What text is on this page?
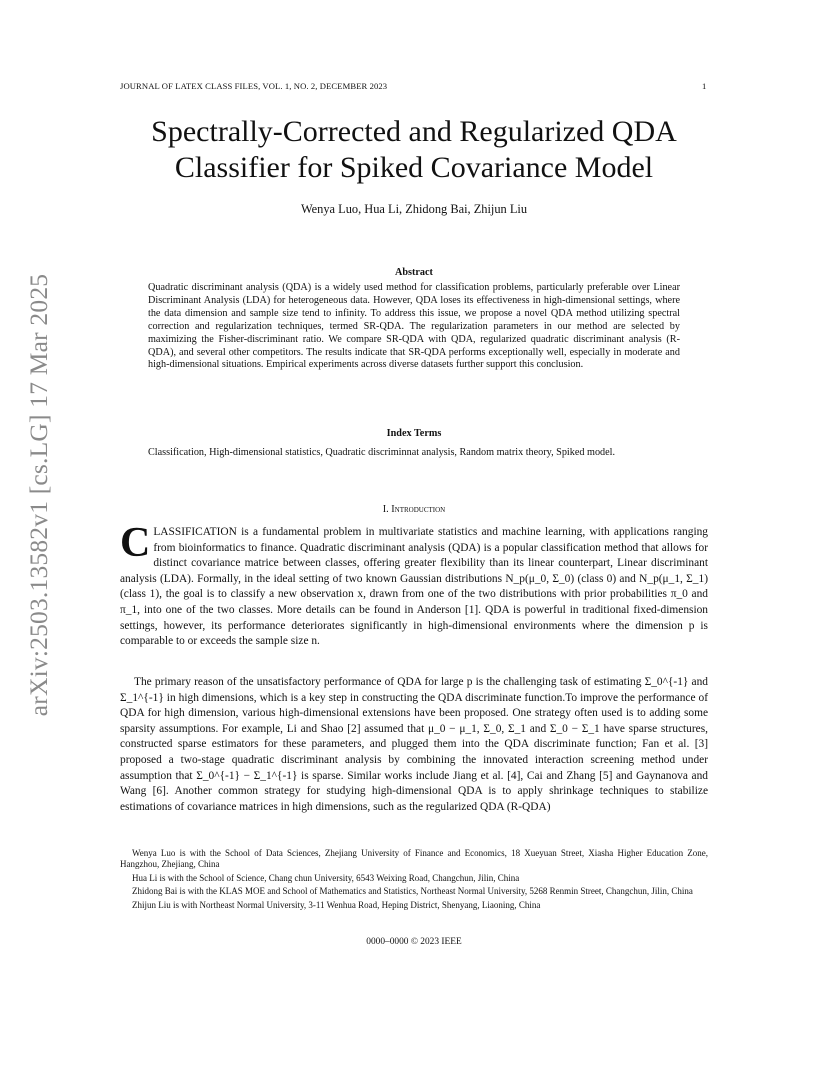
arXiv:2503.13582v1 [cs.LG] 17 Mar 2025
JOURNAL OF LATEX CLASS FILES, VOL. 1, NO. 2, DECEMBER 2023	1
Spectrally-Corrected and Regularized QDA
Classifier for Spiked Covariance Model
Wenya Luo, Hua Li, Zhidong Bai, Zhijun Liu
Abstract

Quadratic discriminant analysis (QDA) is a widely used method for classification problems, particularly preferable over Linear Discriminant Analysis (LDA) for heterogeneous data. However, QDA loses its effectiveness in high-dimensional settings, where the data dimension and sample size tend to infinity. To address this issue, we propose a novel QDA method utilizing spectral correction and regularization techniques, termed SR-QDA. The regularization parameters in our method are selected by maximizing the Fisher-discriminant ratio. We compare SR-QDA with QDA, regularized quadratic discriminant analysis (R-QDA), and several other competitors. The results indicate that SR-QDA performs exceptionally well, especially in moderate and high-dimensional situations. Empirical experiments across diverse datasets further support this conclusion.

Index Terms

Classification, High-dimensional statistics, Quadratic discriminnat analysis, Random matrix theory, Spiked model.

I. Introduction

C LASSIFICATION is a fundamental problem in multivariate statistics and machine learning, with applications ranging from bioinformatics to finance. Quadratic discriminant analysis (QDA) is a popular classification method that allows for distinct covariance matrice between classes, offering greater flexibility than its linear counterpart, Linear discriminant analysis (LDA). Formally, in the ideal setting of two known Gaussian distributions N_p(μ_0, Σ_0) (class 0) and N_p(μ_1, Σ_1) (class 1), the goal is to classify a new observation x, drawn from one of the two distributions with prior probabilities π_0 and π_1, into one of the two classes. More details can be found in Anderson [1]. QDA is powerful in traditional fixed-dimension settings, however, its performance deteriorates significantly in high-dimensional environments where the dimension p is comparable to or exceeds the sample size n.

The primary reason of the unsatisfactory performance of QDA for large p is the challenging task of estimating Σ_0^{-1} and Σ_1^{-1} in high dimensions, which is a key step in constructing the QDA discriminate function.To improve the performance of QDA for high dimension, various high-dimensional extensions have been proposed. One strategy often used is to adding some sparsity assumptions. For example, Li and Shao [2] assumed that μ_0 − μ_1, Σ_0, Σ_1 and Σ_0 − Σ_1 have sparse structures, constructed sparse estimators for these parameters, and plugged them into the QDA discriminate function; Fan et al. [3] proposed a two-stage quadratic discriminant analysis by combining the innovated interaction screening method under assumption that Σ_0^{-1} − Σ_1^{-1} is sparse. Similar works include Jiang et al. [4], Cai and Zhang [5] and Gaynanova and Wang [6]. Another common strategy for studying high-dimensional QDA is to apply shrinkage techniques to stabilize estimations of covariance matrices in high dimensions, such as the regularized QDA (R-QDA)

Wenya Luo is with the School of Data Sciences, Zhejiang University of Finance and Economics, 18 Xueyuan Street, Xiasha Higher Education Zone, Hangzhou, Zhejiang, China

Hua Li is with the School of Science, Chang chun University, 6543 Weixing Road, Changchun, Jilin, China

Zhidong Bai is with the KLAS MOE and School of Mathematics and Statistics, Northeast Normal University, 5268 Renmin Street, Changchun, Jilin, China

Zhijun Liu is with Northeast Normal University, 3-11 Wenhua Road, Heping District, Shenyang, Liaoning, China

0000–0000 © 2023 IEEE
